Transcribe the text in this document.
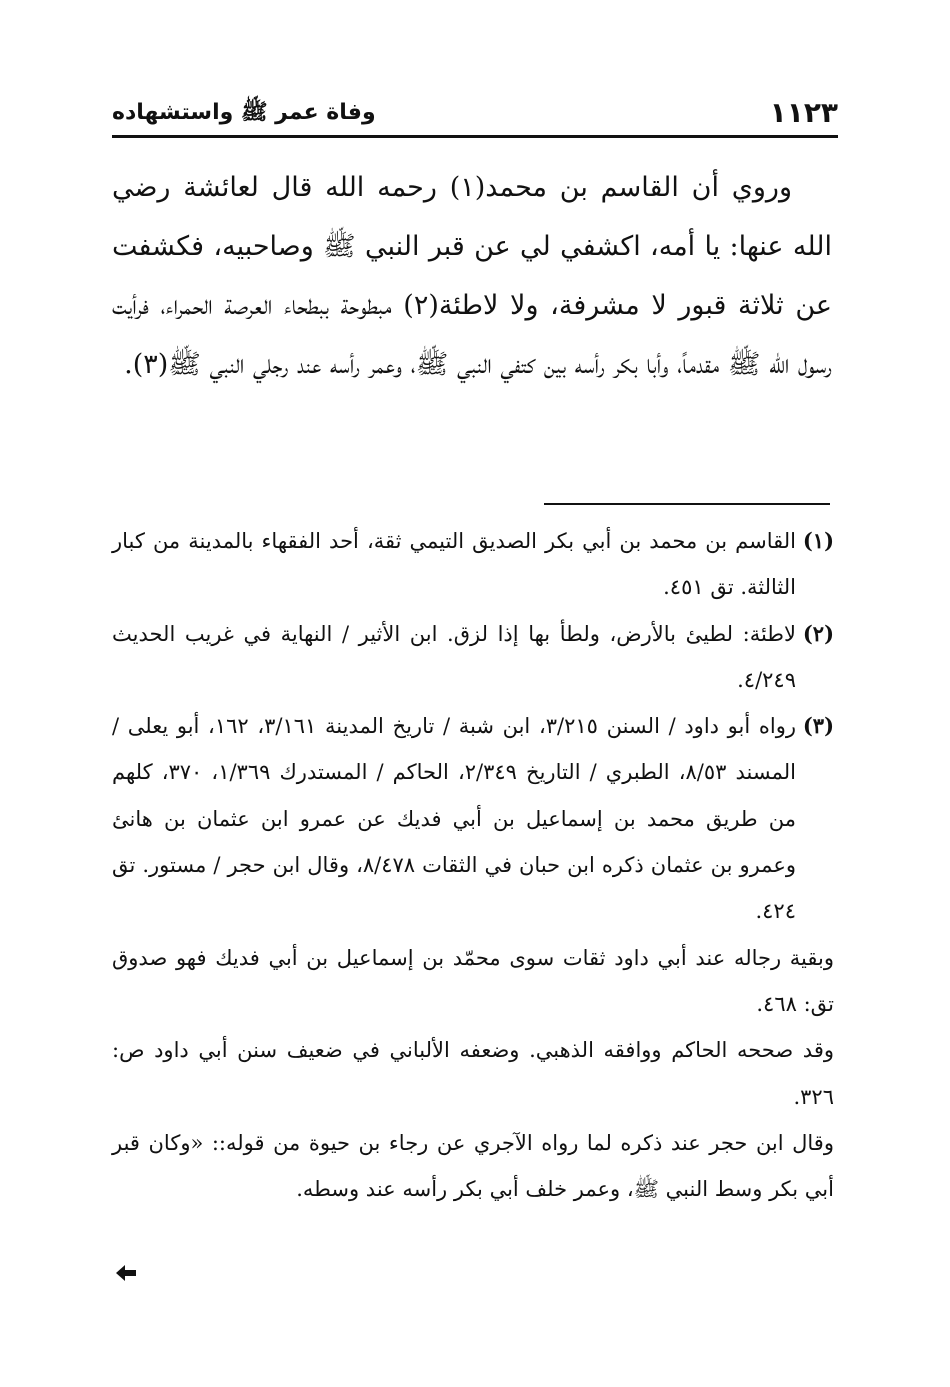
١١٢٣
وفاة عمر ﷺ واستشهاده

وروي أن القاسم بن محمد(١) رحمه الله قال لعائشة رضي الله عنها: يا أمه، اكشفي لي عن قبر النبي ﷺ وصاحبيه، فكشفت عن ثلاثة قبور لا مشرفة، ولا لاطئة(٢) مبطوحة ببطحاء العرصة الحمراء، فرأيت رسول الله ﷺ مقدماً، وأبا بكر رأسه بين كتفي النبي ﷺ، وعمر رأسه عند رجلي النبي ﷺ(٣).

(١)القاسم بن محمد بن أبي بكر الصديق التيمي ثقة، أحد الفقهاء بالمدينة من كبار الثالثة. تق ٤٥١.

(٢)لاطئة: لطيئ بالأرض، ولطأ بها إذا لزق. ابن الأثير / النهاية في غريب الحديث ٤/٢٤٩.

(٣)رواه أبو داود / السنن ٣/٢١٥، ابن شبة / تاريخ المدينة ٣/١٦١، ١٦٢، أبو يعلى / المسند ٨/٥٣، الطبري / التاريخ ٢/٣٤٩، الحاكم / المستدرك ١/٣٦٩، ٣٧٠، كلهم من طريق محمد بن إسماعيل بن أبي فديك عن عمرو ابن عثمان بن هانئ وعمرو بن عثمان ذكره ابن حبان في الثقات ٨/٤٧٨، وقال ابن حجر / مستور. تق ٤٢٤.

وبقية رجاله عند أبي داود ثقات سوى محمّد بن إسماعيل بن أبي فديك فهو صدوق تق: ٤٦٨.

وقد صححه الحاكم ووافقه الذهبي. وضعفه الألباني في ضعيف سنن أبي داود ص: ٣٢٦.

وقال ابن حجر عند ذكره لما رواه الآجري عن رجاء بن حيوة من قوله:: «وكان قبر أبي بكر وسط النبي ﷺ، وعمر خلف أبي بكر رأسه عند وسطه.
